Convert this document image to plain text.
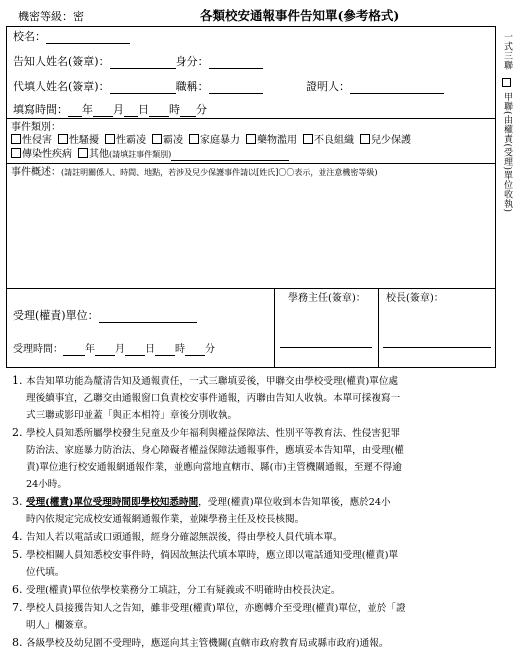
機密等級：密	各類校安通報事件告知單(參考格式)
一式三聯
甲聯(由權責(受理)單位收執)
校名：
告知人姓名(簽章)：	身分：
代填人姓名(簽章)：	職稱：	證明人：
填寫時間： 年 月 日 時 分
事件類別：
性侵害 性騷擾 性霸凌 霸凌 家庭暴力 藥物濫用 不良組織 兒少保護
傳染性疾病 其他(請填註事件類別)
事件概述：(請註明關係人、時間、地點，若涉及兒少保護事件請以[姓氏]〇〇表示，並注意機密等級)
受理(權責)單位：
受理時間： 年 月 日 時 分
學務主任(簽章)： 校長(簽章)：
1. 本告知單功能為釐清告知及通報責任，一式三聯填妥後，甲聯交由學校受理(權責)單位處
理後續事宜，乙聯交由通報窗口負責校安事件通報，丙聯由告知人收執。本單可採複寫一
式三聯或影印並蓋「與正本相符」章後分別收執。
2. 學校人員知悉所屬學校發生兒童及少年福利與權益保障法、性別平等教育法、性侵害犯罪
防治法、家庭暴力防治法、身心障礙者權益保障法通報事件，應填妥本告知單，由受理(權
責)單位進行校安通報網通報作業，並應向當地直轄市、縣(市)主管機關通報，至遲不得逾
24小時。
3. 受理(權責)單位受理時間即學校知悉時間，受理(權責)單位收到本告知單後，應於24小
時內依規定完成校安通報網通報作業，並陳學務主任及校長核閱。
4. 告知人若以電話或口頭通報，經身分確認無誤後，得由學校人員代填本單。
5. 學校相關人員知悉校安事件時，倘因故無法代填本單時，應立即以電話通知受理(權責)單
位代填。
6. 受理(權責)單位依學校業務分工填註，分工有疑義或不明確時由校長決定。
7. 學校人員接獲告知人之告知，雖非受理(權責)單位，亦應轉介至受理(權責)單位，並於「證
明人」欄簽章。
8. 各級學校及幼兒園不受理時，應逕向其主管機關(直轄市政府教育局或縣市政府)通報。
